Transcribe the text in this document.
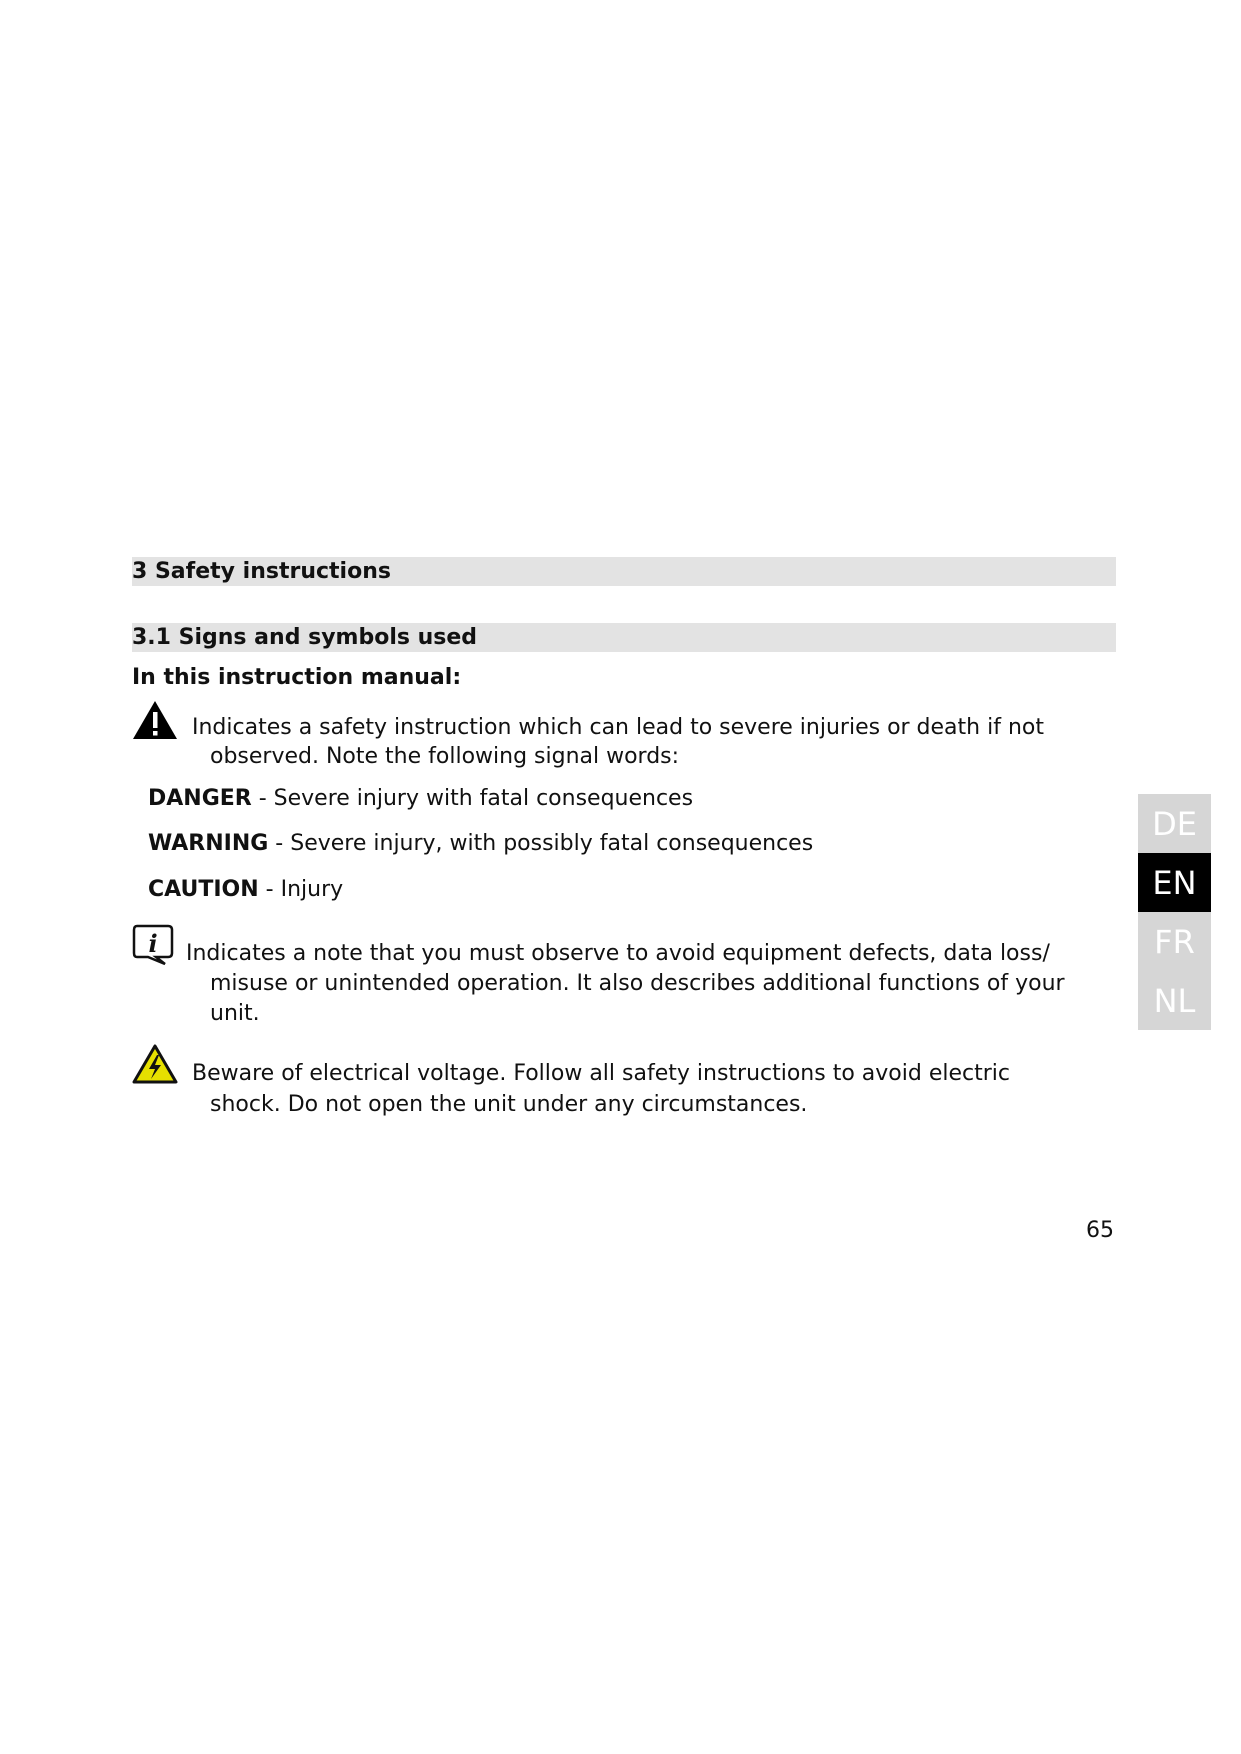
3 Safety instructions
3.1 Signs and symbols used
In this instruction manual:
Indicates a safety instruction which can lead to severe injuries or death if not
observed. Note the following signal words:
DANGER - Severe injury with fatal consequences
WARNING - Severe injury, with possibly fatal consequences
CAUTION - Injury
i Indicates a note that you must observe to avoid equipment defects, data loss/
misuse or unintended operation. It also describes additional functions of your
unit.
Beware of electrical voltage. Follow all safety instructions to avoid electric
shock. Do not open the unit under any circumstances.
DE
EN
FR
NL
65
